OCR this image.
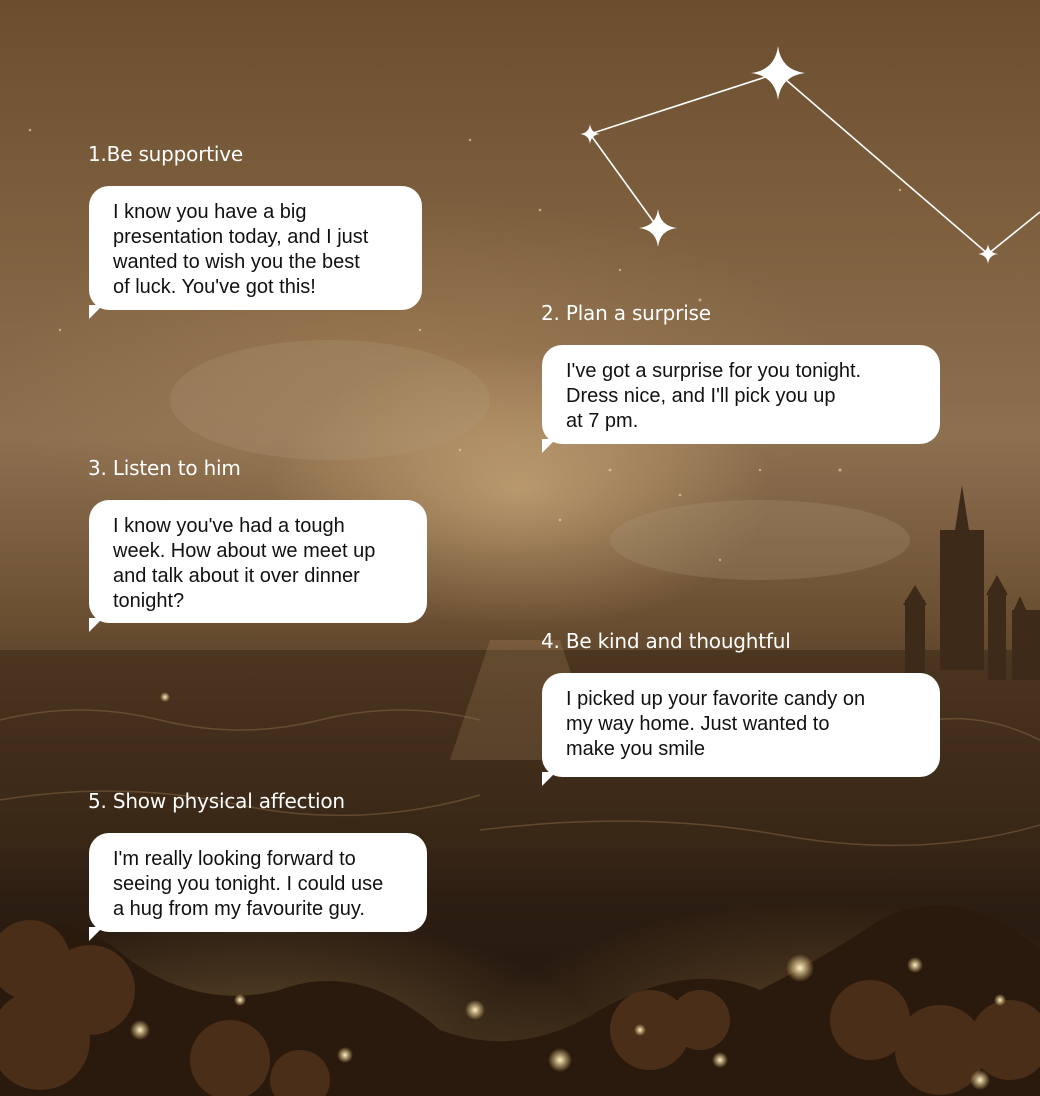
1.Be supportive

I know you have a big
presentation today, and I just
wanted to wish you the best
of luck. You've got this!

2. Plan a surprise

I've got a surprise for you tonight.
Dress nice, and I'll pick you up
at 7 pm.

3. Listen to him

I know you've had a tough
week. How about we meet up
and talk about it over dinner
tonight?

4. Be kind and thoughtful

I picked up your favorite candy on
my way home. Just wanted to
make you smile

5. Show physical affection

I'm really looking forward to
seeing you tonight. I could use
a hug from my favourite guy.
